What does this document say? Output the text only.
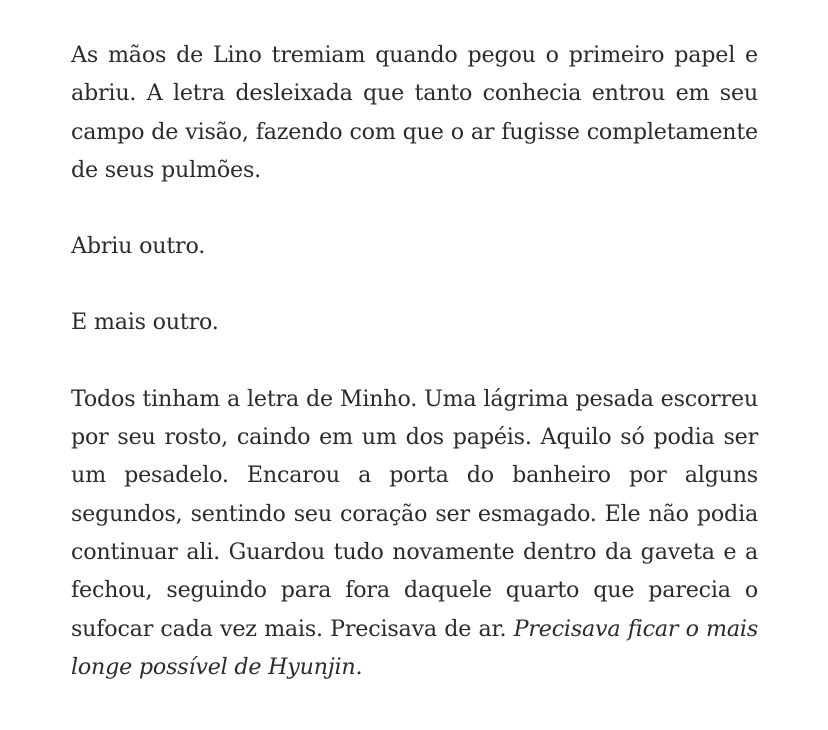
As mãos de Lino tremiam quando pegou o primeiro papel e abriu. A letra desleixada que tanto conhecia entrou em seu campo de visão, fazendo com que o ar fugisse completamente de seus pulmões.

Abriu outro.

E mais outro.

Todos tinham a letra de Minho. Uma lágrima pesada escorreu por seu rosto, caindo em um dos papéis. Aquilo só podia ser um pesadelo. Encarou a porta do banheiro por alguns segundos, sentindo seu coração ser esmagado. Ele não podia continuar ali. Guardou tudo novamente dentro da gaveta e a fechou, seguindo para fora daquele quarto que parecia o sufocar cada vez mais. Precisava de ar. Precisava ficar o mais longe possível de Hyunjin.
